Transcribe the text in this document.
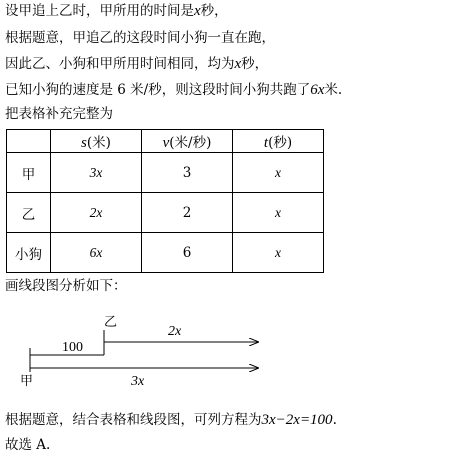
设甲追上乙时，甲所用的时间是x秒，
根据题意，甲追乙的这段时间小狗一直在跑，
因此乙、小狗和甲所用时间相同，均为x秒，
已知小狗的速度是 6 米/秒，则这段时间小狗共跑了6x米.
把表格补充完整为
	s(米)	v(米/秒)	t(秒)
甲	3x	3	x
乙	2x	2	x
小狗	6x	6	x
画线段图分析如下：
乙
2x
100
甲	3x
根据题意，结合表格和线段图，可列方程为3x−2x=100.
故选 A.
